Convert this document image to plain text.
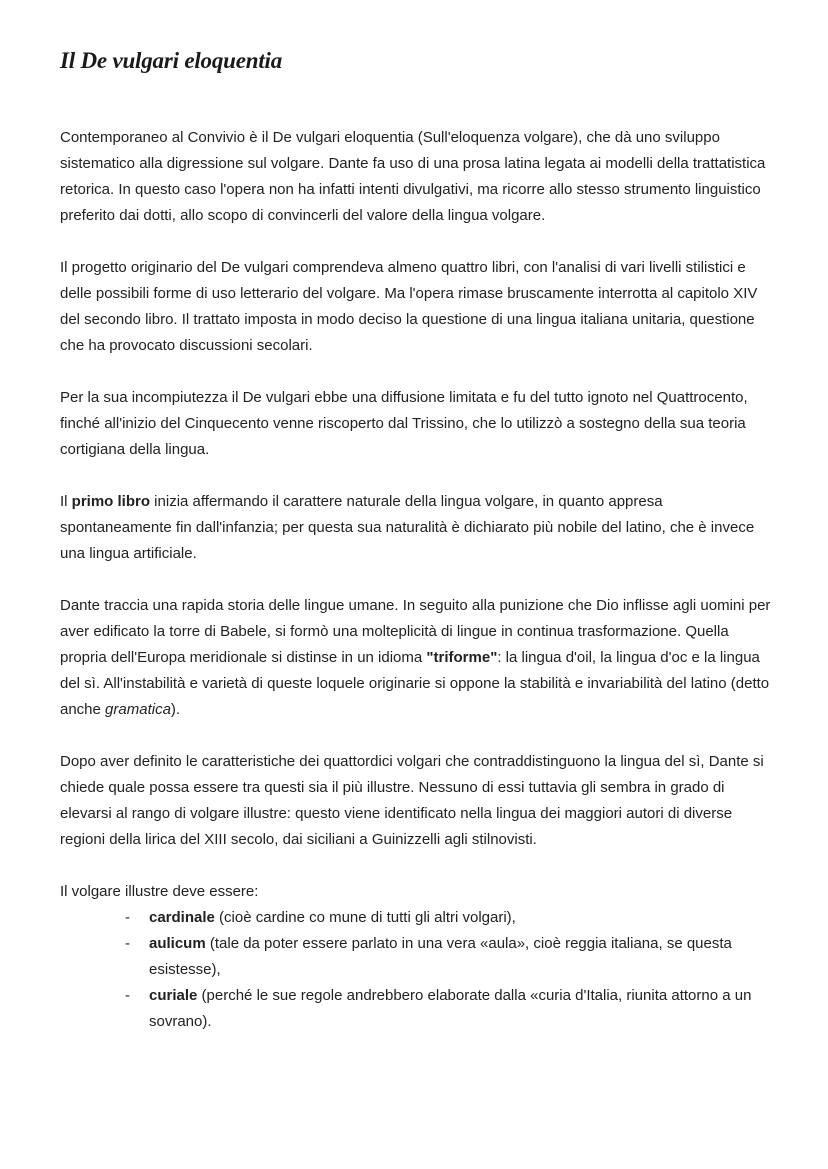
Il De vulgari eloquentia

Contemporaneo al Convivio è il De vulgari eloquentia (Sull'eloquenza volgare), che dà uno sviluppo sistematico alla digressione sul volgare. Dante fa uso di una prosa latina legata ai modelli della trattatistica retorica. In questo caso l'opera non ha infatti intenti divulgativi, ma ricorre allo stesso strumento linguistico preferito dai dotti, allo scopo di convincerli del valore della lingua volgare.

Il progetto originario del De vulgari comprendeva almeno quattro libri, con l'analisi di vari livelli stilistici e delle possibili forme di uso letterario del volgare. Ma l'opera rimase bruscamente interrotta al capitolo XIV del secondo libro. Il trattato imposta in modo deciso la questione di una lingua italiana unitaria, questione che ha provocato discussioni secolari.

Per la sua incompiutezza il De vulgari ebbe una diffusione limitata e fu del tutto ignoto nel Quattrocento, finché all'inizio del Cinquecento venne riscoperto dal Trissino, che lo utilizzò a sostegno della sua teoria cortigiana della lingua.

Il primo libro inizia affermando il carattere naturale della lingua volgare, in quanto appresa spontaneamente fin dall'infanzia; per questa sua naturalità è dichiarato più nobile del latino, che è invece una lingua artificiale.

Dante traccia una rapida storia delle lingue umane. In seguito alla punizione che Dio inflisse agli uomini per aver edificato la torre di Babele, si formò una molteplicità di lingue in continua trasformazione. Quella propria dell'Europa meridionale si distinse in un idioma "triforme": la lingua d'oil, la lingua d'oc e la lingua del sì. All'instabilità e varietà di queste loquele originarie si oppone la stabilità e invariabilità del latino (detto anche gramatica).

Dopo aver definito le caratteristiche dei quattordici volgari che contraddistinguono la lingua del sì, Dante si chiede quale possa essere tra questi sia il più illustre. Nessuno di essi tuttavia gli sembra in grado di elevarsi al rango di volgare illustre: questo viene identificato nella lingua dei maggiori autori di diverse regioni della lirica del XIII secolo, dai siciliani a Guinizzelli agli stilnovisti.

Il volgare illustre deve essere:
- cardinale (cioè cardine co mune di tutti gli altri volgari),
- aulicum (tale da poter essere parlato in una vera «aula», cioè reggia italiana, se questa esistesse),
- curiale (perché le sue regole andrebbero elaborate dalla «curia d'Italia, riunita attorno a un sovrano).
